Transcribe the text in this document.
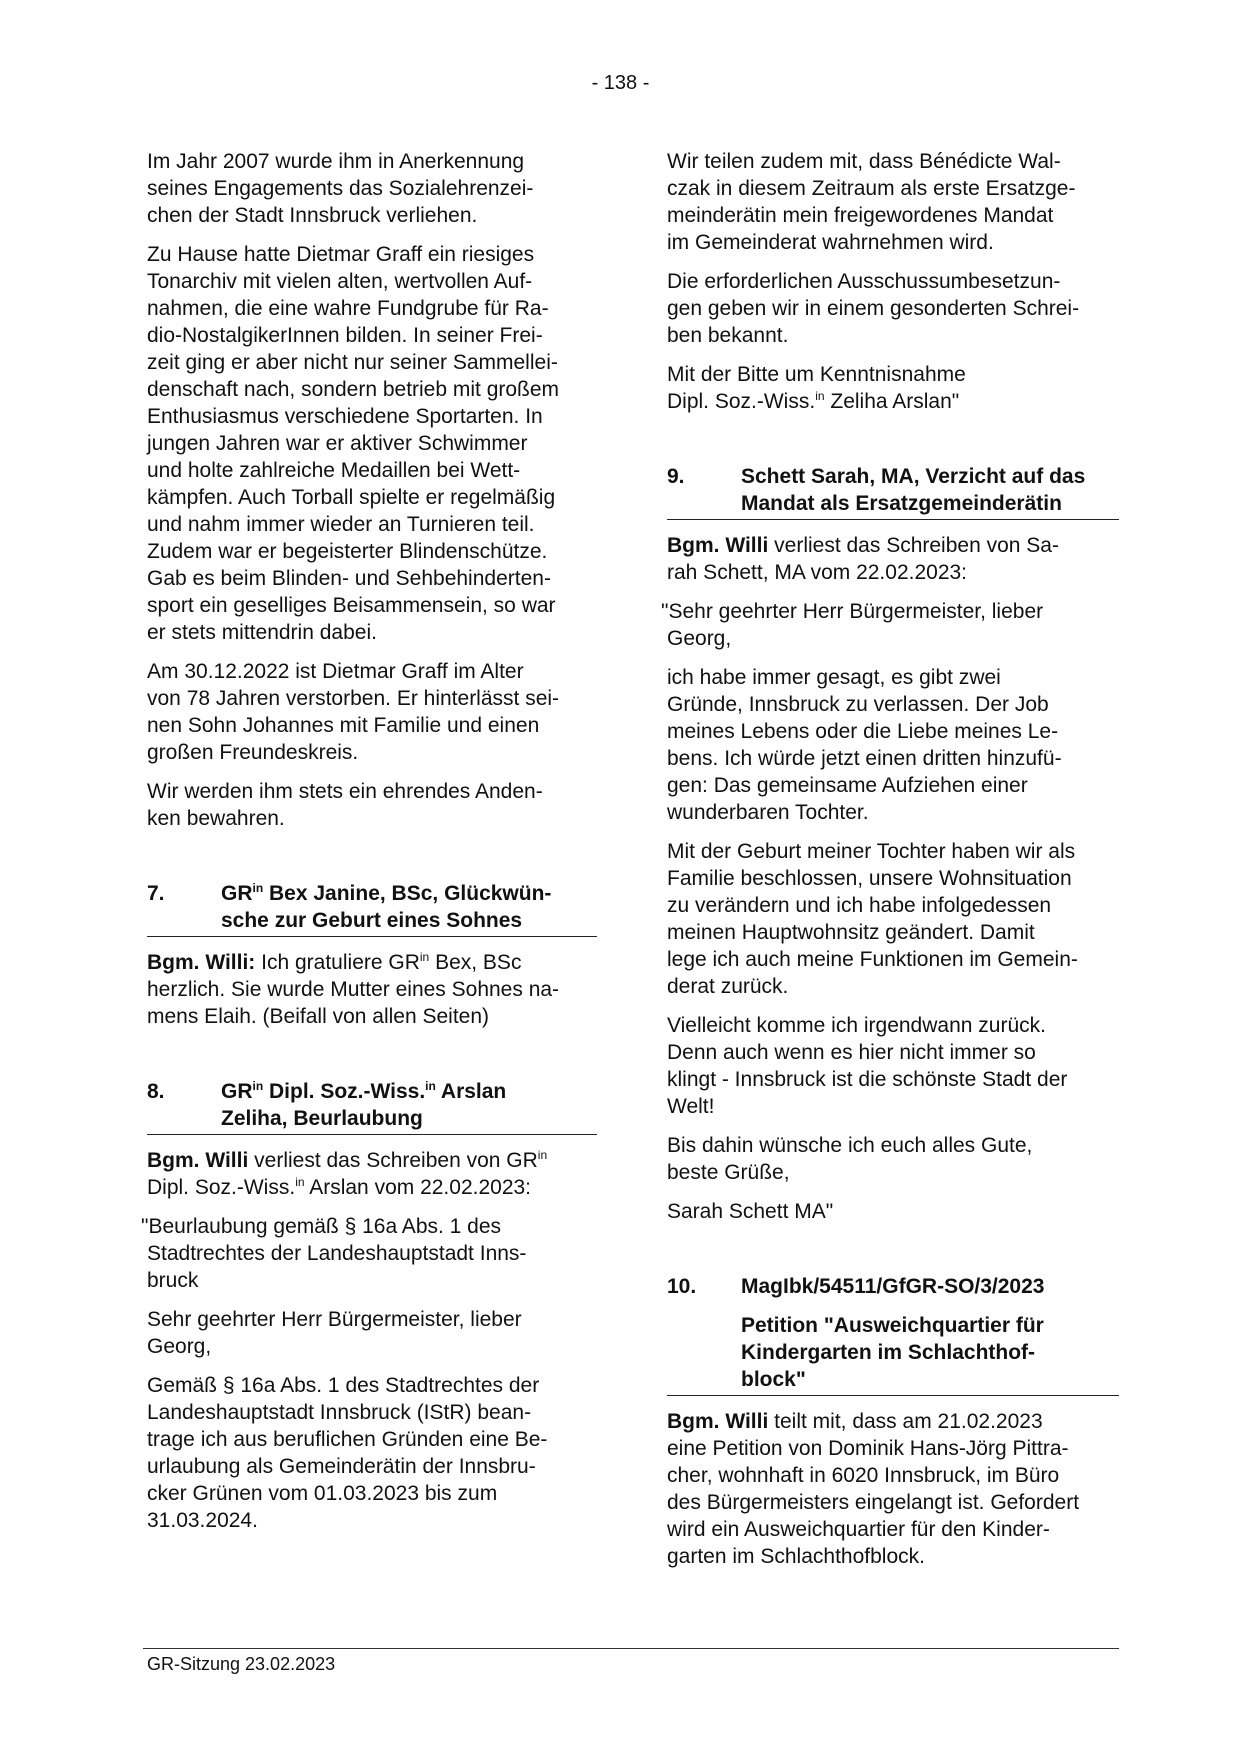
- 138 -

Im Jahr 2007 wurde ihm in Anerkennung
seines Engagements das Sozialehrenzei-
chen der Stadt Innsbruck verliehen.

Zu Hause hatte Dietmar Graff ein riesiges
Tonarchiv mit vielen alten, wertvollen Auf-
nahmen, die eine wahre Fundgrube für Ra-
dio-NostalgikerInnen bilden. In seiner Frei-
zeit ging er aber nicht nur seiner Sammellei-
denschaft nach, sondern betrieb mit großem
Enthusiasmus verschiedene Sportarten. In
jungen Jahren war er aktiver Schwimmer
und holte zahlreiche Medaillen bei Wett-
kämpfen. Auch Torball spielte er regelmäßig
und nahm immer wieder an Turnieren teil.
Zudem war er begeisterter Blindenschütze.
Gab es beim Blinden- und Sehbehinderten-
sport ein geselliges Beisammensein, so war
er stets mittendrin dabei.

Am 30.12.2022 ist Dietmar Graff im Alter
von 78 Jahren verstorben. Er hinterlässt sei-
nen Sohn Johannes mit Familie und einen
großen Freundeskreis.

Wir werden ihm stets ein ehrendes Anden-
ken bewahren.

7.	$GR^{in}$ Bex Janine, BSc, Glückwün-
sche zur Geburt eines Sohnes

Bgm. Willi: Ich gratuliere $GR^{in}$ Bex, BSc
herzlich. Sie wurde Mutter eines Sohnes na-
mens Elaih. (Beifall von allen Seiten)

8.	$GR^{in}$ Dipl. Soz.-Wiss.$^{in}$ Arslan
Zeliha, Beurlaubung

Bgm. Willi verliest das Schreiben von $GR^{in}$
Dipl. Soz.-Wiss.$^{in}$ Arslan vom 22.02.2023:

"Beurlaubung gemäß § 16a Abs. 1 des
Stadtrechtes der Landeshauptstadt Inns-
bruck

Sehr geehrter Herr Bürgermeister, lieber
Georg,

Gemäß § 16a Abs. 1 des Stadtrechtes der
Landeshauptstadt Innsbruck (IStR) bean-
trage ich aus beruflichen Gründen eine Be-
urlaubung als Gemeinderätin der Innsbru-
cker Grünen vom 01.03.2023 bis zum
31.03.2024.

Wir teilen zudem mit, dass Bénédicte Wal-
czak in diesem Zeitraum als erste Ersatzge-
meinderätin mein freigewordenes Mandat
im Gemeinderat wahrnehmen wird.

Die erforderlichen Ausschussumbesetzun-
gen geben wir in einem gesonderten Schrei-
ben bekannt.

Mit der Bitte um Kenntnisnahme
Dipl. Soz.-Wiss.$^{in}$ Zeliha Arslan"

9.	Schett Sarah, MA, Verzicht auf das
Mandat als Ersatzgemeinderätin

Bgm. Willi verliest das Schreiben von Sa-
rah Schett, MA vom 22.02.2023:

"Sehr geehrter Herr Bürgermeister, lieber
Georg,

ich habe immer gesagt, es gibt zwei
Gründe, Innsbruck zu verlassen. Der Job
meines Lebens oder die Liebe meines Le-
bens. Ich würde jetzt einen dritten hinzufü-
gen: Das gemeinsame Aufziehen einer
wunderbaren Tochter.

Mit der Geburt meiner Tochter haben wir als
Familie beschlossen, unsere Wohnsituation
zu verändern und ich habe infolgedessen
meinen Hauptwohnsitz geändert. Damit
lege ich auch meine Funktionen im Gemein-
derat zurück.

Vielleicht komme ich irgendwann zurück.
Denn auch wenn es hier nicht immer so
klingt - Innsbruck ist die schönste Stadt der
Welt!

Bis dahin wünsche ich euch alles Gute,
beste Grüße,

Sarah Schett MA"

10.	MagIbk/54511/GfGR-SO/3/2023
Petition "Ausweichquartier für
Kindergarten im Schlachthof-
block"

Bgm. Willi teilt mit, dass am 21.02.2023
eine Petition von Dominik Hans-Jörg Pittra-
cher, wohnhaft in 6020 Innsbruck, im Büro
des Bürgermeisters eingelangt ist. Gefordert
wird ein Ausweichquartier für den Kinder-
garten im Schlachthofblock.

GR-Sitzung 23.02.2023
